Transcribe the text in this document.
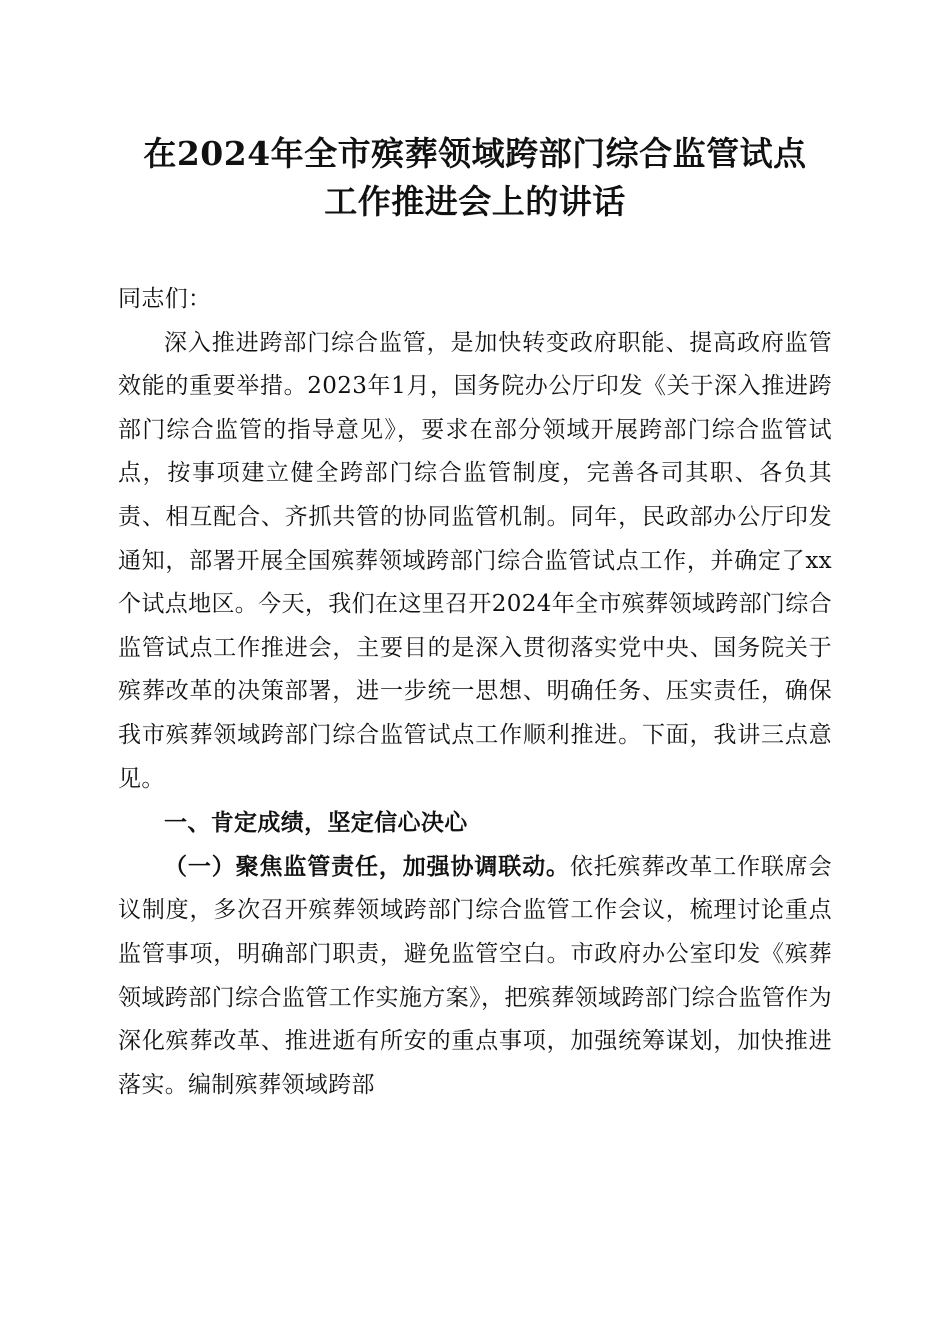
在2024年全市殡葬领域跨部门综合监管试点
工作推进会上的讲话

同志们：

深入推进跨部门综合监管，是加快转变政府职能、提高政府监管效能的重要举措。2023年1月，国务院办公厅印发《关于深入推进跨部门综合监管的指导意见》，要求在部分领域开展跨部门综合监管试点，按事项建立健全跨部门综合监管制度，完善各司其职、各负其责、相互配合、齐抓共管的协同监管机制。同年，民政部办公厅印发通知，部署开展全国殡葬领域跨部门综合监管试点工作，并确定了xx个试点地区。今天，我们在这里召开2024年全市殡葬领域跨部门综合监管试点工作推进会，主要目的是深入贯彻落实党中央、国务院关于殡葬改革的决策部署，进一步统一思想、明确任务、压实责任，确保我市殡葬领域跨部门综合监管试点工作顺利推进。下面，我讲三点意见。

一、肯定成绩，坚定信心决心

（一）聚焦监管责任，加强协调联动。依托殡葬改革工作联席会议制度，多次召开殡葬领域跨部门综合监管工作会议，梳理讨论重点监管事项，明确部门职责，避免监管空白。市政府办公室印发《殡葬领域跨部门综合监管工作实施方案》，把殡葬领域跨部门综合监管作为深化殡葬改革、推进逝有所安的重点事项，加强统筹谋划，加快推进落实。编制殡葬领域跨部
